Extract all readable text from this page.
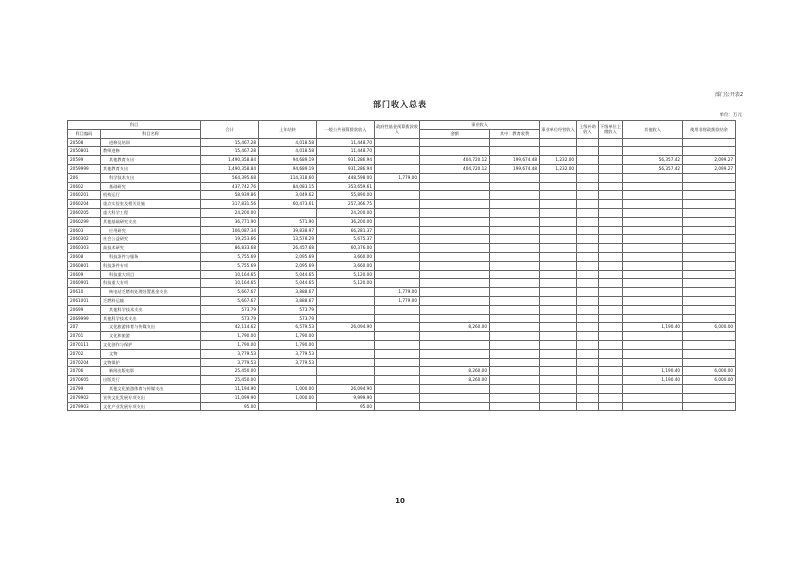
部门公开表2
部门收入总表
单位：万元
科目		合计	上年结转	一般公共预算拨款收入	政府性基金预算拨款收入	事业收入		事业单位经营收入	上级补助收入	下级单位上缴收入	其他收入	使用非财政拨款结余
科目编码	科目名称					金额	其中：教育收费					
20508	进修及培训	15,467.28	4,018.58	11,448.70								
2050801	教师进修	15,467.28	4,018.58	11,448.70								
20599	其他教育支出	1,490,358.84	94,689.19	931,286.94		404,720.12	199,674.48	1,232.00			56,357.42	2,099.27
2059999	其他教育支出	1,490,358.84	94,689.19	931,286.94		404,720.12	199,674.48	1,232.00			56,357.42	2,099.27
206	科学技术支出	564,395.68	114,318.60	448,598.00	1,779.00							
20602	基础研究	437,742.76	84,083.15	353,659.61								
2060201	机构运行	58,939.86	3,049.62	55,890.00								
2060204	重点实验室及相关设施	317,831.56	60,473.61	257,366.75								
2060205	重大科学工程	24,200.00		24,200.00								
2060299	其他基础研究支出	36,771.90	571.90	36,200.00								
20603	应用研究	106,087.34	39,838.97	66,281.37								
2060302	社会公益研究	19,253.66	13,578.29	5,675.37								
2060303	高技术研究	86,833.68	26,457.68	60,376.00								
20608	科技条件与服务	5,755.69	2,095.69	3,660.00								
2060801	科技条件专项	5,755.69	2,095.69	3,660.00								
20609	科技重大项目	10,164.65	5,044.65	5,120.00								
2060901	科技重大专项	10,164.65	5,044.65	5,120.00								
20610	核电站乏燃料处理处置基金支出	5,667.67	3,888.67		1,779.00							
2061001	乏燃料运输	5,667.67	3,888.67		1,779.00							
20699	其他科学技术支出	573.79	573.79									
2069999	其他科学技术支出	573.79	573.79									
207	文化旅游体育与传媒支出	42,114.62	6,579.53	26,094.90		8,260.00					1,190.40	6,000.00
20701	文化和旅游	1,790.00	1,790.00									
2070111	文化创作与保护	1,790.00	1,790.00									
20702	文物	3,779.53	3,779.53									
2070204	文物保护	3,779.53	3,779.53									
20706	新闻出版电影	25,450.00				8,260.00					1,190.40	6,000.00
2070605	出版发行	25,450.00				8,260.00					1,190.40	6,000.00
20799	其他文化旅游体育与传媒支出	11,194.90	1,000.00	26,094.90								
2079902	宣传文化发展专项支出	11,099.90	1,000.00	9,999.90								
2079903	文化产业发展专项支出	95.00		95.00								
10
